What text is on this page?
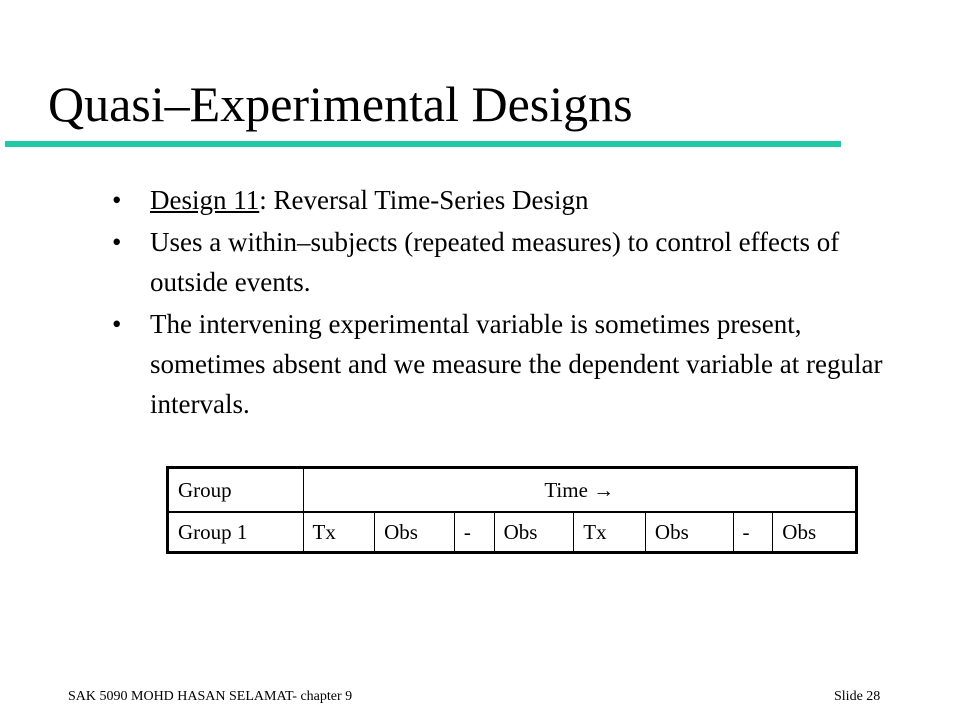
Quasi–Experimental Designs
• Design 11: Reversal Time-Series Design
• Uses a within–subjects (repeated measures) to control effects of outside events.
• The intervening experimental variable is sometimes present, sometimes absent and we measure the dependent variable at regular intervals.
Group	Time →							
Group 1	Tx	Obs	-	Obs	Tx	Obs	-	Obs
SAK 5090 MOHD HASAN SELAMAT- chapter 9	Slide 28
